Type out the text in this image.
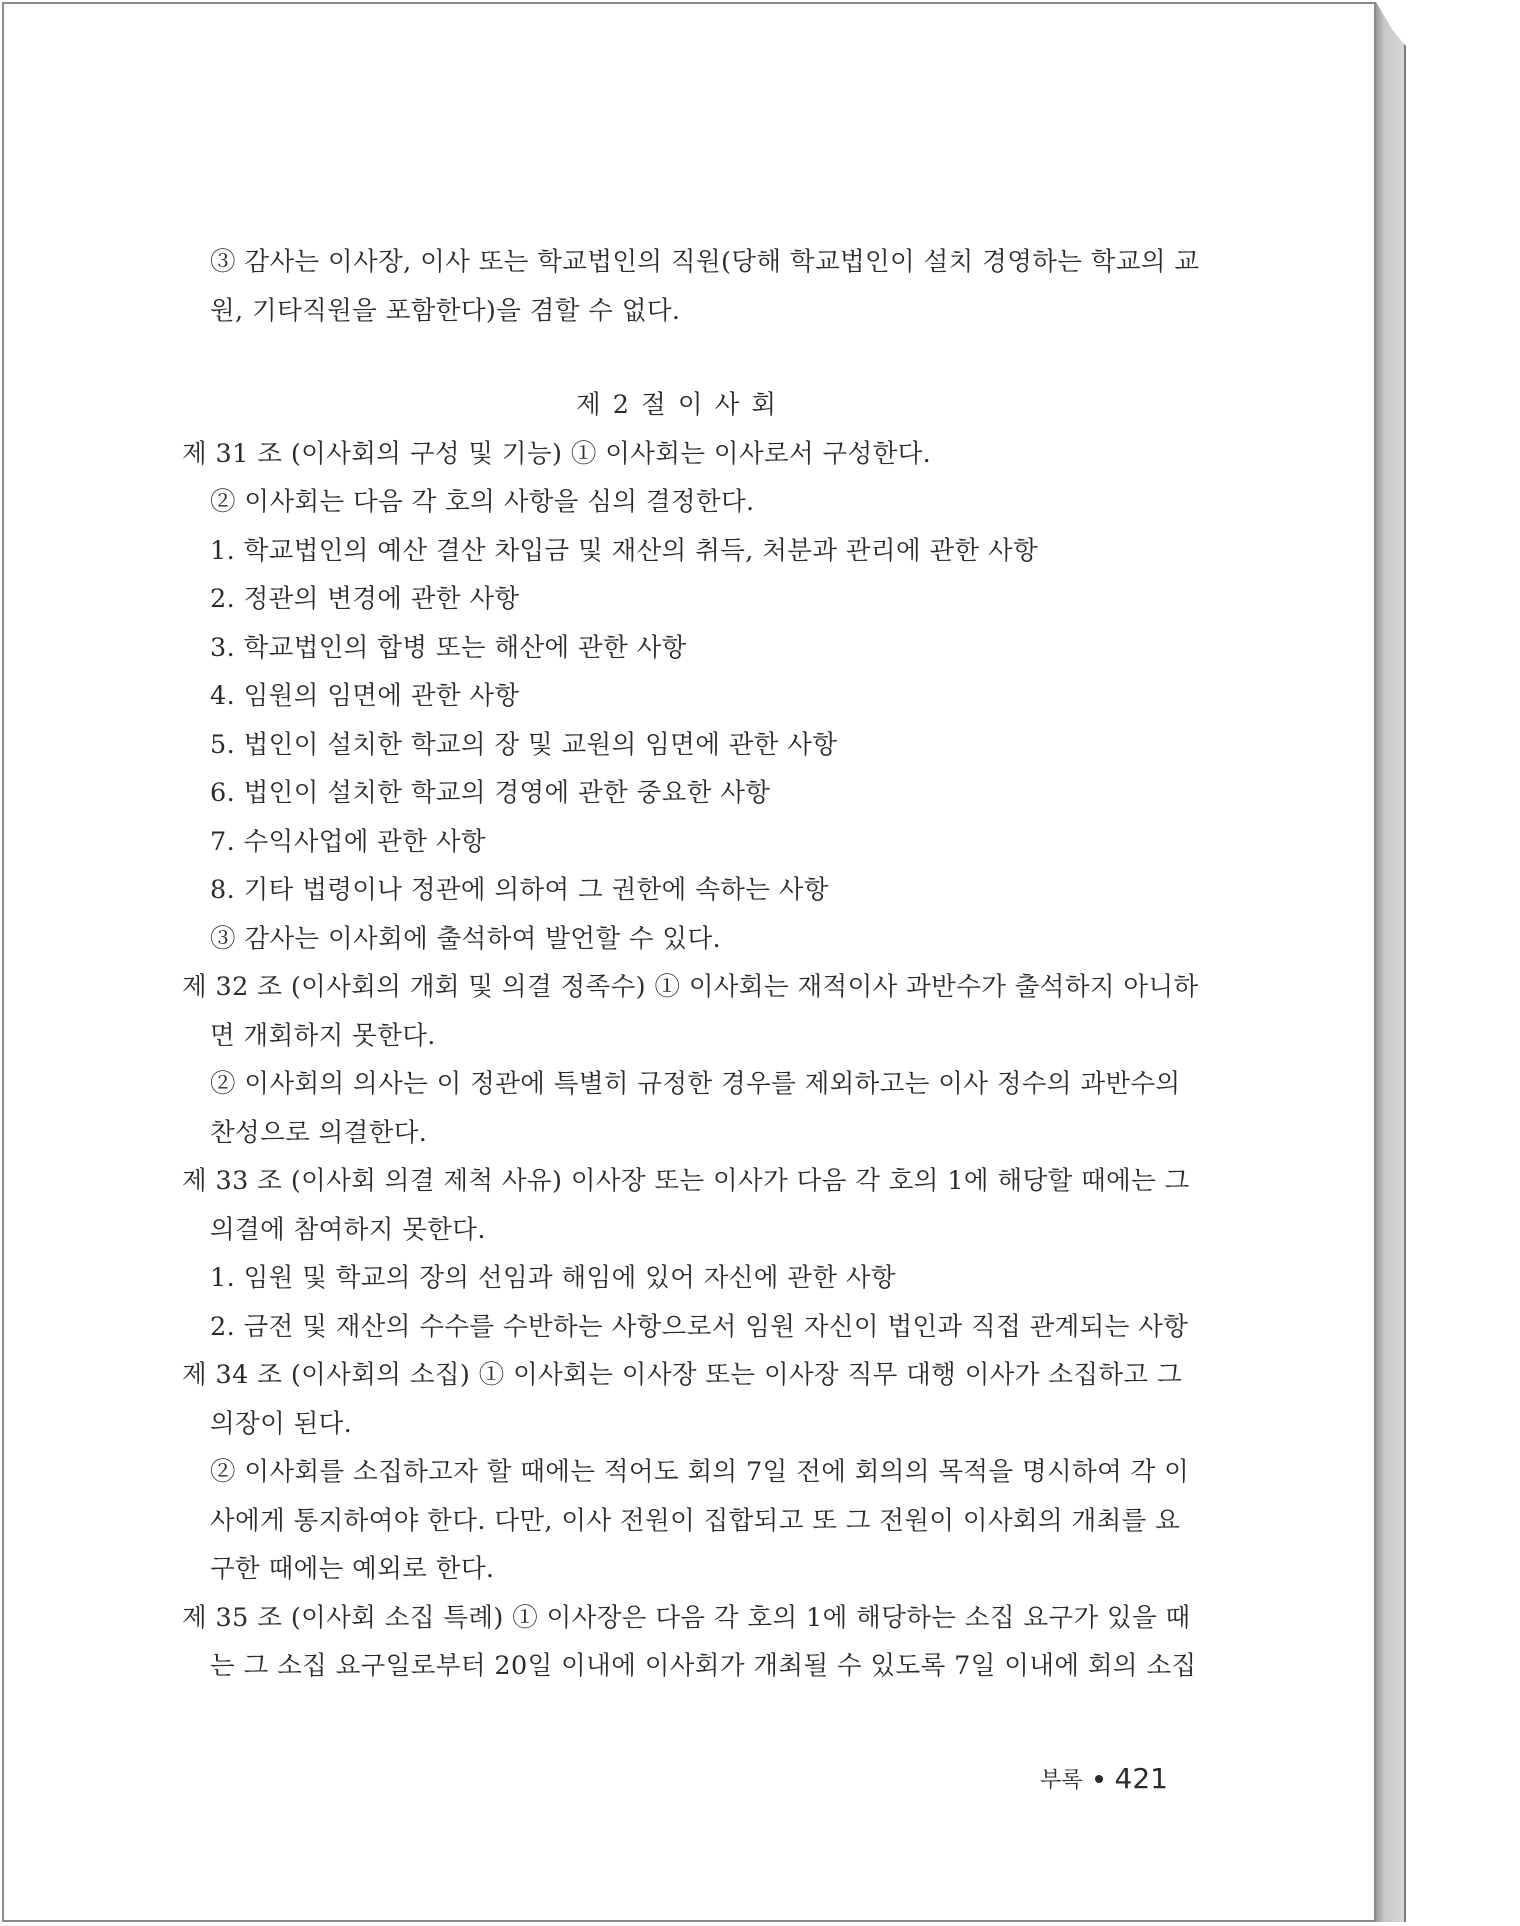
③ 감사는 이사장, 이사 또는 학교법인의 직원(당해 학교법인이 설치 경영하는 학교의 교
원, 기타직원을 포함한다)을 겸할 수 없다.
제 2 절 이 사 회
제 31 조 (이사회의 구성 및 기능) ① 이사회는 이사로서 구성한다.
② 이사회는 다음 각 호의 사항을 심의 결정한다.
1. 학교법인의 예산 결산 차입금 및 재산의 취득, 처분과 관리에 관한 사항
2. 정관의 변경에 관한 사항
3. 학교법인의 합병 또는 해산에 관한 사항
4. 임원의 임면에 관한 사항
5. 법인이 설치한 학교의 장 및 교원의 임면에 관한 사항
6. 법인이 설치한 학교의 경영에 관한 중요한 사항
7. 수익사업에 관한 사항
8. 기타 법령이나 정관에 의하여 그 권한에 속하는 사항
③ 감사는 이사회에 출석하여 발언할 수 있다.
제 32 조 (이사회의 개회 및 의결 정족수) ① 이사회는 재적이사 과반수가 출석하지 아니하
면 개회하지 못한다.
② 이사회의 의사는 이 정관에 특별히 규정한 경우를 제외하고는 이사 정수의 과반수의
찬성으로 의결한다.
제 33 조 (이사회 의결 제척 사유) 이사장 또는 이사가 다음 각 호의 1에 해당할 때에는 그
의결에 참여하지 못한다.
1. 임원 및 학교의 장의 선임과 해임에 있어 자신에 관한 사항
2. 금전 및 재산의 수수를 수반하는 사항으로서 임원 자신이 법인과 직접 관계되는 사항
제 34 조 (이사회의 소집) ① 이사회는 이사장 또는 이사장 직무 대행 이사가 소집하고 그
의장이 된다.
② 이사회를 소집하고자 할 때에는 적어도 회의 7일 전에 회의의 목적을 명시하여 각 이
사에게 통지하여야 한다. 다만, 이사 전원이 집합되고 또 그 전원이 이사회의 개최를 요
구한 때에는 예외로 한다.
제 35 조 (이사회 소집 특례) ① 이사장은 다음 각 호의 1에 해당하는 소집 요구가 있을 때
는 그 소집 요구일로부터 20일 이내에 이사회가 개최될 수 있도록 7일 이내에 회의 소집
부록 421
